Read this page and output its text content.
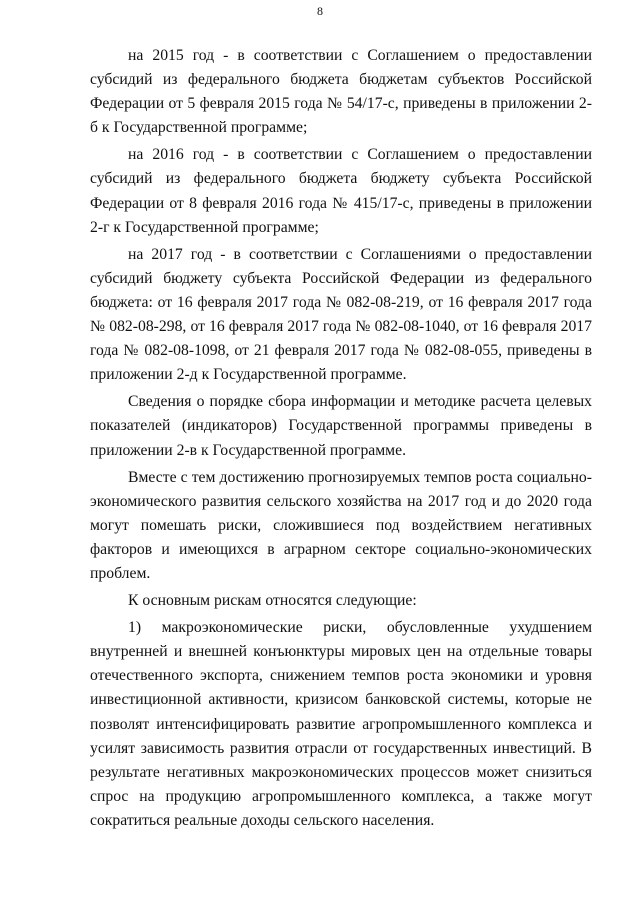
8

на 2015 год - в соответствии с Соглашением о предоставлении субсидий из федерального бюджета бюджетам субъектов Российской Федерации от 5 февраля 2015 года № 54/17-с, приведены в приложении 2-б к Государственной программе;

на 2016 год - в соответствии с Соглашением о предоставлении субсидий из федерального бюджета бюджету субъекта Российской Федерации от 8 февраля 2016 года № 415/17-с, приведены в приложении 2-г к Государственной программе;

на 2017 год - в соответствии с Соглашениями о предоставлении субсидий бюджету субъекта Российской Федерации из федерального бюджета: от 16 февраля 2017 года № 082-08-219, от 16 февраля 2017 года № 082-08-298, от 16 февраля 2017 года № 082-08-1040, от 16 февраля 2017 года № 082-08-1098, от 21 февраля 2017 года № 082-08-055, приведены в приложении 2-д к Государственной программе.

Сведения о порядке сбора информации и методике расчета целевых показателей (индикаторов) Государственной программы приведены в приложении 2-в к Государственной программе.

Вместе с тем достижению прогнозируемых темпов роста социально-экономического развития сельского хозяйства на 2017 год и до 2020 года могут помешать риски, сложившиеся под воздействием негативных факторов и имеющихся в аграрном секторе социально-экономических проблем.

К основным рискам относятся следующие:

1) макроэкономические риски, обусловленные ухудшением внутренней и внешней конъюнктуры мировых цен на отдельные товары отечественного экспорта, снижением темпов роста экономики и уровня инвестиционной активности, кризисом банковской системы, которые не позволят интенсифицировать развитие агропромышленного комплекса и усилят зависимость развития отрасли от государственных инвестиций. В результате негативных макроэкономических процессов может снизиться спрос на продукцию агропромышленного комплекса, а также могут сократиться реальные доходы сельского населения.
